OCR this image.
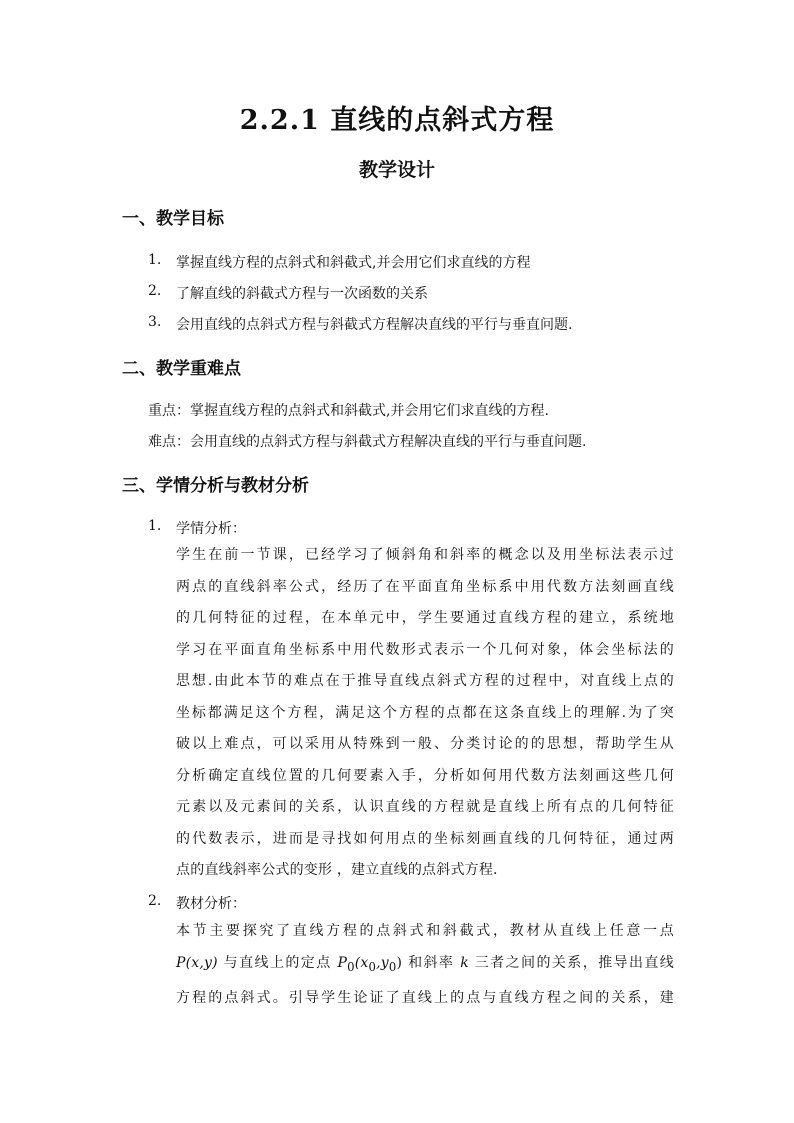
2.2.1 直线的点斜式方程
教学设计
一、教学目标
1. 掌握直线方程的点斜式和斜截式,并会用它们求直线的方程
2. 了解直线的斜截式方程与一次函数的关系
3. 会用直线的点斜式方程与斜截式方程解决直线的平行与垂直问题.
二、教学重难点
重点：掌握直线方程的点斜式和斜截式,并会用它们求直线的方程.
难点：会用直线的点斜式方程与斜截式方程解决直线的平行与垂直问题.
三、学情分析与教材分析
1. 学情分析：
学生在前一节课，已经学习了倾斜角和斜率的概念以及用坐标法表示过
两点的直线斜率公式，经历了在平面直角坐标系中用代数方法刻画直线
的几何特征的过程，在本单元中，学生要通过直线方程的建立，系统地
学习在平面直角坐标系中用代数形式表示一个几何对象，体会坐标法的
思想.由此本节的难点在于推导直线点斜式方程的过程中，对直线上点的
坐标都满足这个方程，满足这个方程的点都在这条直线上的理解.为了突
破以上难点，可以采用从特殊到一般、分类讨论的的思想，帮助学生从
分析确定直线位置的几何要素入手，分析如何用代数方法刻画这些几何
元素以及元素间的关系，认识直线的方程就是直线上所有点的几何特征
的代数表示，进而是寻找如何用点的坐标刻画直线的几何特征，通过两
点的直线斜率公式的变形 ，建立直线的点斜式方程.
2. 教材分析：
本节主要探究了直线方程的点斜式和斜截式，教材从直线上任意一点
P(x,y) 与直线上的定点 $P_0(x_0,y_0)$ 和斜率 k 三者之间的关系，推导出直线
方程的点斜式。引导学生论证了直线上的点与直线方程之间的关系，建
